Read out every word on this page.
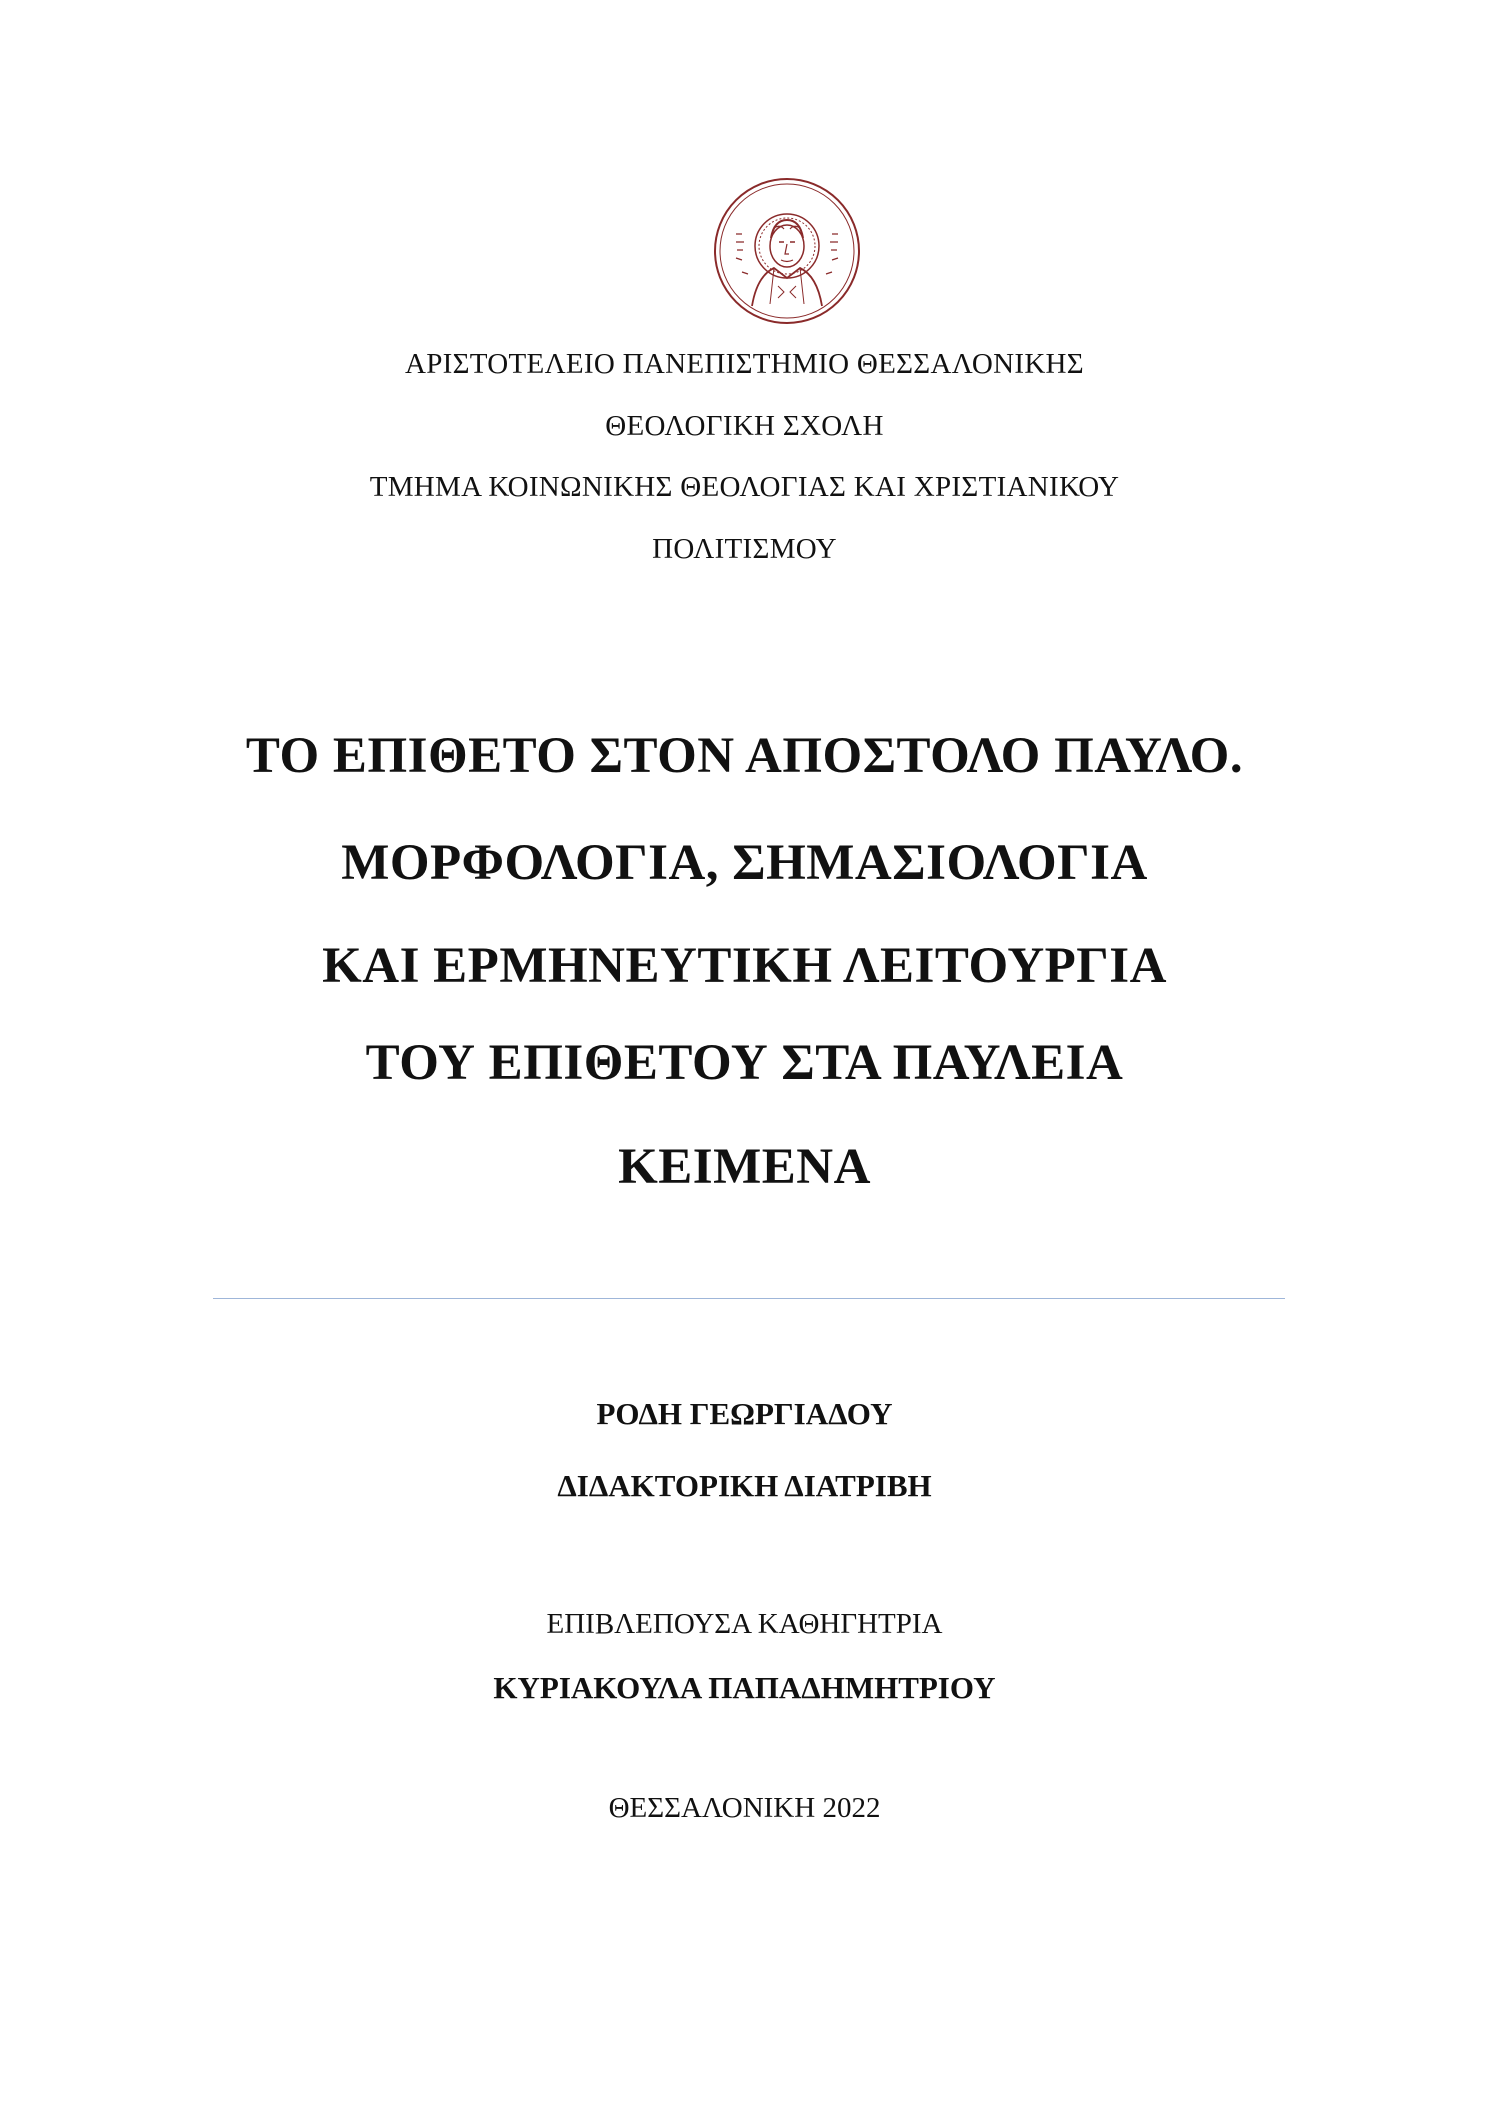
ΑΡΙΣΤΟΤΕΛΕΙΟ ΠΑΝΕΠΙΣΤΗΜΙΟ ΘΕΣΣΑΛΟΝΙΚΗΣ
ΘΕΟΛΟΓΙΚΗ ΣΧΟΛΗ
ΤΜΗΜΑ ΚΟΙΝΩΝΙΚΗΣ ΘΕΟΛΟΓΙΑΣ ΚΑΙ ΧΡΙΣΤΙΑΝΙΚΟΥ
ΠΟΛΙΤΙΣΜΟΥ
ΤΟ ΕΠΙΘΕΤΟ ΣΤΟΝ ΑΠΟΣΤΟΛΟ ΠΑΥΛΟ.
ΜΟΡΦΟΛΟΓΙΑ, ΣΗΜΑΣΙΟΛΟΓΙΑ
ΚΑΙ ΕΡΜΗΝΕΥΤΙΚΗ ΛΕΙΤΟΥΡΓΙΑ
ΤΟΥ ΕΠΙΘΕΤΟΥ ΣΤΑ ΠΑΥΛΕΙΑ
ΚΕΙΜΕΝΑ
ΡΟΔΗ ΓΕΩΡΓΙΑΔΟΥ
ΔΙΔΑΚΤΟΡΙΚΗ ΔΙΑΤΡΙΒΗ
ΕΠΙΒΛΕΠΟΥΣΑ ΚΑΘΗΓΗΤΡΙΑ
ΚΥΡΙΑΚΟΥΛΑ ΠΑΠΑΔΗΜΗΤΡΙΟΥ
ΘΕΣΣΑΛΟΝΙΚΗ 2022
